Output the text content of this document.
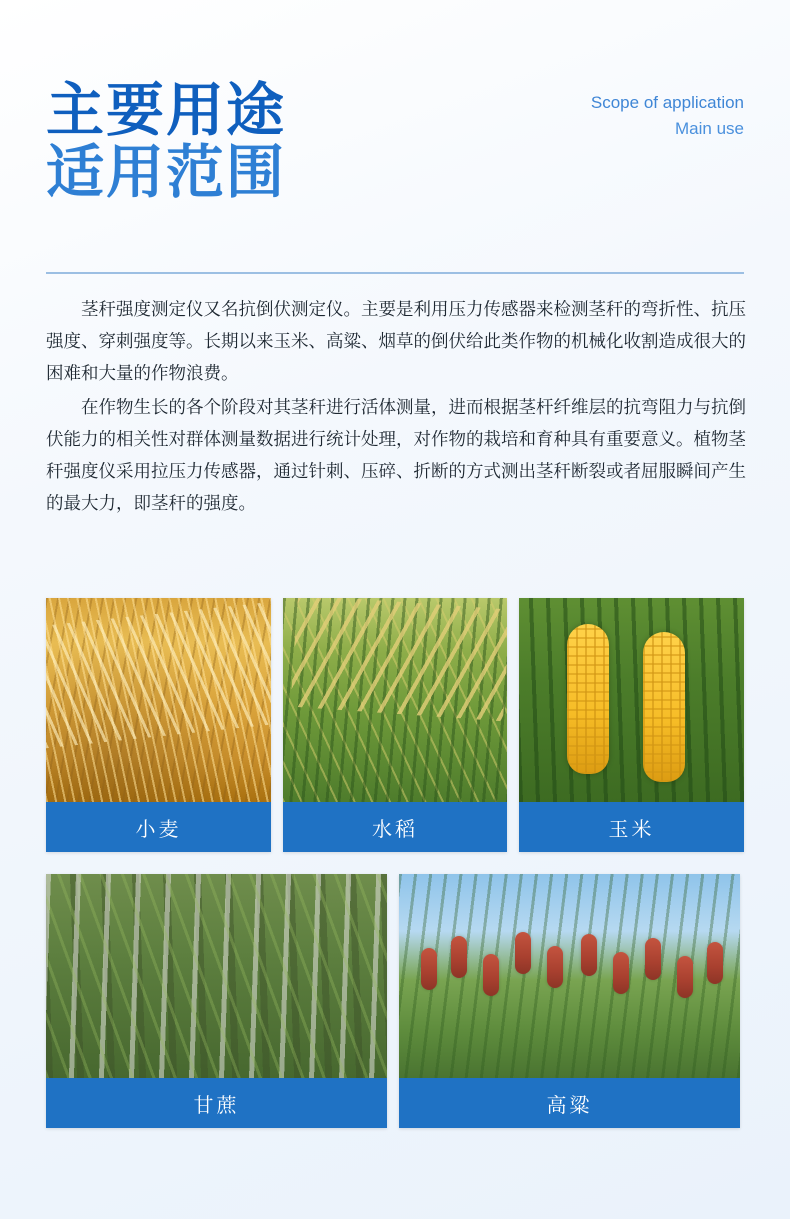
主要用途
适用范围
Scope of application
Main use

茎秆强度测定仪又名抗倒伏测定仪。主要是利用压力传感器来检测茎秆的弯折性、抗压强度、穿刺强度等。长期以来玉米、高粱、烟草的倒伏给此类作物的机械化收割造成很大的困难和大量的作物浪费。

在作物生长的各个阶段对其茎秆进行活体测量，进而根据茎杆纤维层的抗弯阻力与抗倒伏能力的相关性对群体测量数据进行统计处理，对作物的栽培和育种具有重要意义。植物茎秆强度仪采用拉压力传感器，通过针刺、压碎、折断的方式测出茎秆断裂或者屈服瞬间产生的最大力，即茎秆的强度。

小麦	水稻	玉米
甘蔗	高粱
